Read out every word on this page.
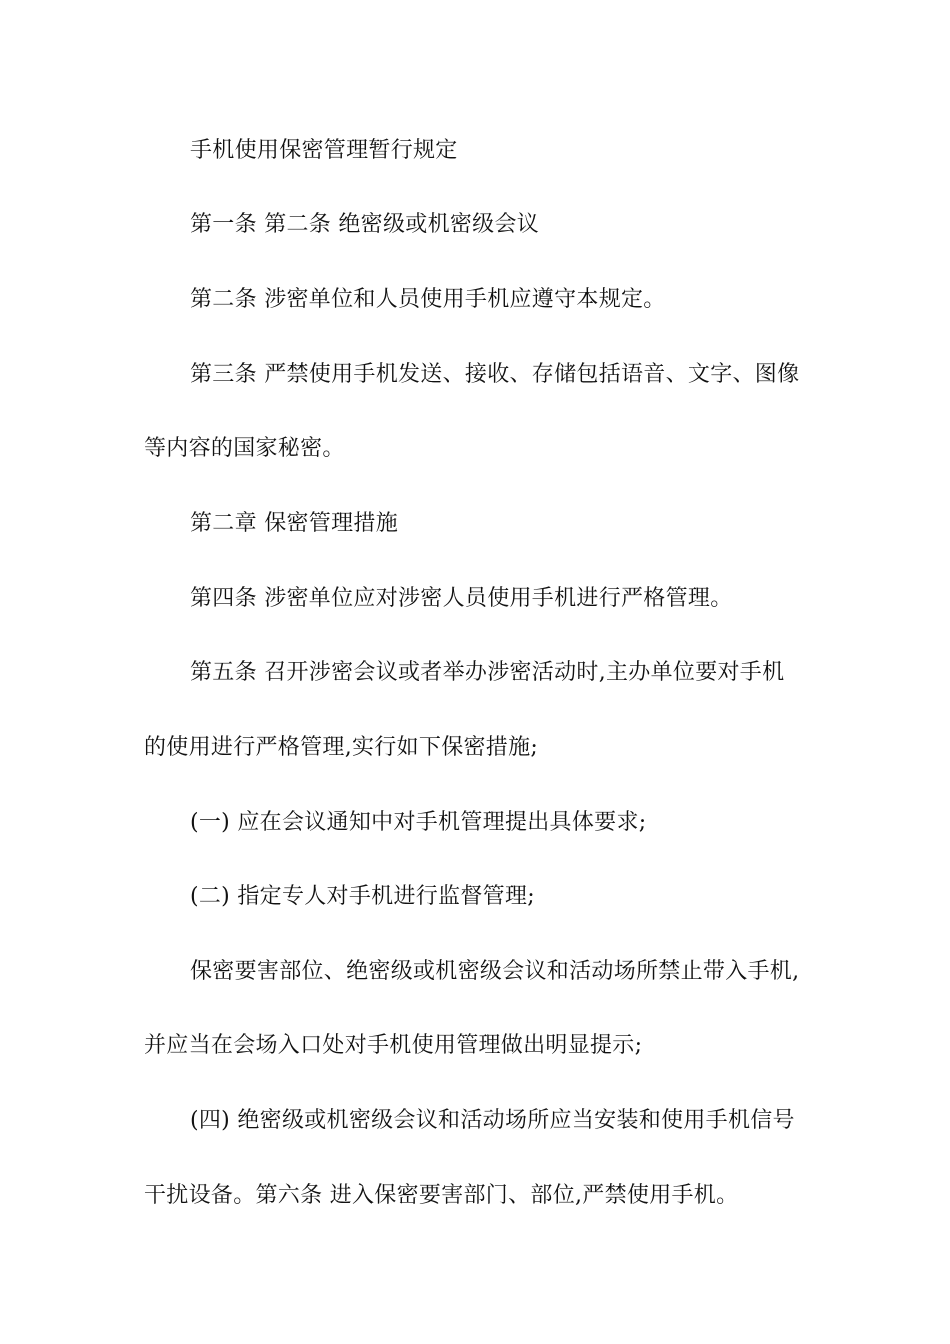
手机使用保密管理暂行规定
第一条 第二条 绝密级或机密级会议
第二条 涉密单位和人员使用手机应遵守本规定。
第三条 严禁使用手机发送、接收、存储包括语音、文字、图像
等内容的国家秘密。
第二章 保密管理措施
第四条 涉密单位应对涉密人员使用手机进行严格管理。
第五条 召开涉密会议或者举办涉密活动时,主办单位要对手机
的使用进行严格管理,实行如下保密措施;
(一) 应在会议通知中对手机管理提出具体要求;
(二) 指定专人对手机进行监督管理;
保密要害部位、绝密级或机密级会议和活动场所禁止带入手机,
并应当在会场入口处对手机使用管理做出明显提示;
(四) 绝密级或机密级会议和活动场所应当安装和使用手机信号
干扰设备。第六条 进入保密要害部门、部位,严禁使用手机。
